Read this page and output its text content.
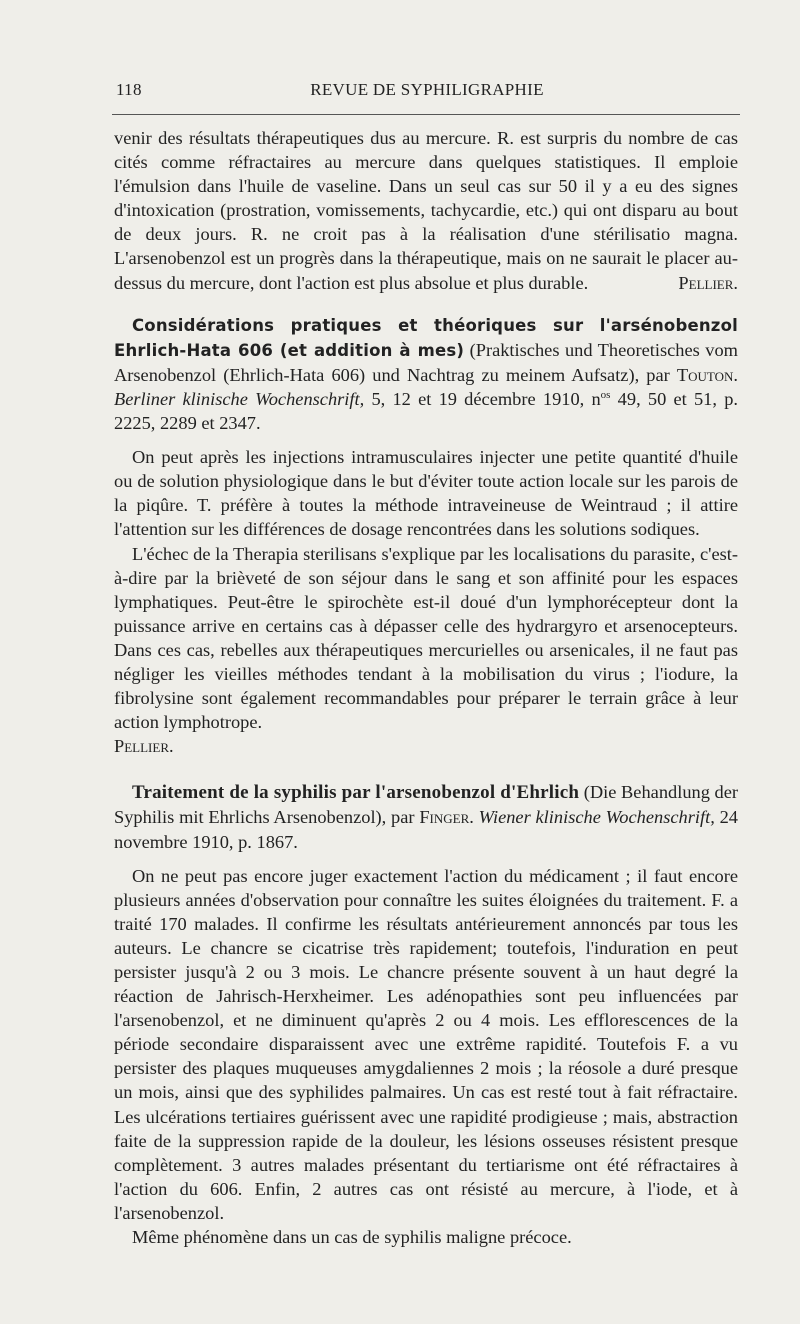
118	REVUE DE SYPHILIGRAPHIE

venir des résultats thérapeutiques dus au mercure. R. est surpris du nombre de cas cités comme réfractaires au mercure dans quelques statistiques. Il emploie l'émulsion dans l'huile de vaseline. Dans un seul cas sur 50 il y a eu des signes d'intoxication (prostration, vomissements, tachycardie, etc.) qui ont disparu au bout de deux jours. R. ne croit pas à la réalisation d'une stérilisatio magna. L'arsenobenzol est un progrès dans la thérapeutique, mais on ne saurait le placer au-dessus du mercure, dont l'action est plus absolue et plus durable.	Pellier.

Considérations pratiques et théoriques sur l'arsénobenzol Ehrlich-Hata 606 (et addition à mes) (Praktisches und Theoretisches vom Arsenobenzol (Ehrlich-Hata 606) und Nachtrag zu meinem Aufsatz), par Touton. Berliner klinische Wochenschrift, 5, 12 et 19 décembre 1910, $n^{os}$ 49, 50 et 51, p. 2225, 2289 et 2347.

On peut après les injections intramusculaires injecter une petite quantité d'huile ou de solution physiologique dans le but d'éviter toute action locale sur les parois de la piqûre. T. préfère à toutes la méthode intraveineuse de Weintraud ; il attire l'attention sur les différences de dosage rencontrées dans les solutions sodiques.

L'échec de la Therapia sterilisans s'explique par les localisations du parasite, c'est-à-dire par la brièveté de son séjour dans le sang et son affinité pour les espaces lymphatiques. Peut-être le spirochète est-il doué d'un lymphorécepteur dont la puissance arrive en certains cas à dépasser celle des hydrargyro et arsenocepteurs. Dans ces cas, rebelles aux thérapeutiques mercurielles ou arsenicales, il ne faut pas négliger les vieilles méthodes tendant à la mobilisation du virus ; l'iodure, la fibrolysine sont également recommandables pour préparer le terrain grâce à leur action lymphotrope.

Pellier.

Traitement de la syphilis par l'arsenobenzol d'Ehrlich (Die Behandlung der Syphilis mit Ehrlichs Arsenobenzol), par Finger. Wiener klinische Wochenschrift, 24 novembre 1910, p. 1867.

On ne peut pas encore juger exactement l'action du médicament ; il faut encore plusieurs années d'observation pour connaître les suites éloignées du traitement. F. a traité 170 malades. Il confirme les résultats antérieurement annoncés par tous les auteurs. Le chancre se cicatrise très rapidement; toutefois, l'induration en peut persister jusqu'à 2 ou 3 mois. Le chancre présente souvent à un haut degré la réaction de Jahrisch-Herxheimer. Les adénopathies sont peu influencées par l'arsenobenzol, et ne diminuent qu'après 2 ou 4 mois. Les efflorescences de la période secondaire disparaissent avec une extrême rapidité. Toutefois F. a vu persister des plaques muqueuses amygdaliennes 2 mois ; la réosole a duré presque un mois, ainsi que des syphilides palmaires. Un cas est resté tout à fait réfractaire. Les ulcérations tertiaires guérissent avec une rapidité prodigieuse ; mais, abstraction faite de la suppression rapide de la douleur, les lésions osseuses résistent presque complètement. 3 autres malades présentant du tertiarisme ont été réfractaires à l'action du 606. Enfin, 2 autres cas ont résisté au mercure, à l'iode, et à l'arsenobenzol.

Même phénomène dans un cas de syphilis maligne précoce.
